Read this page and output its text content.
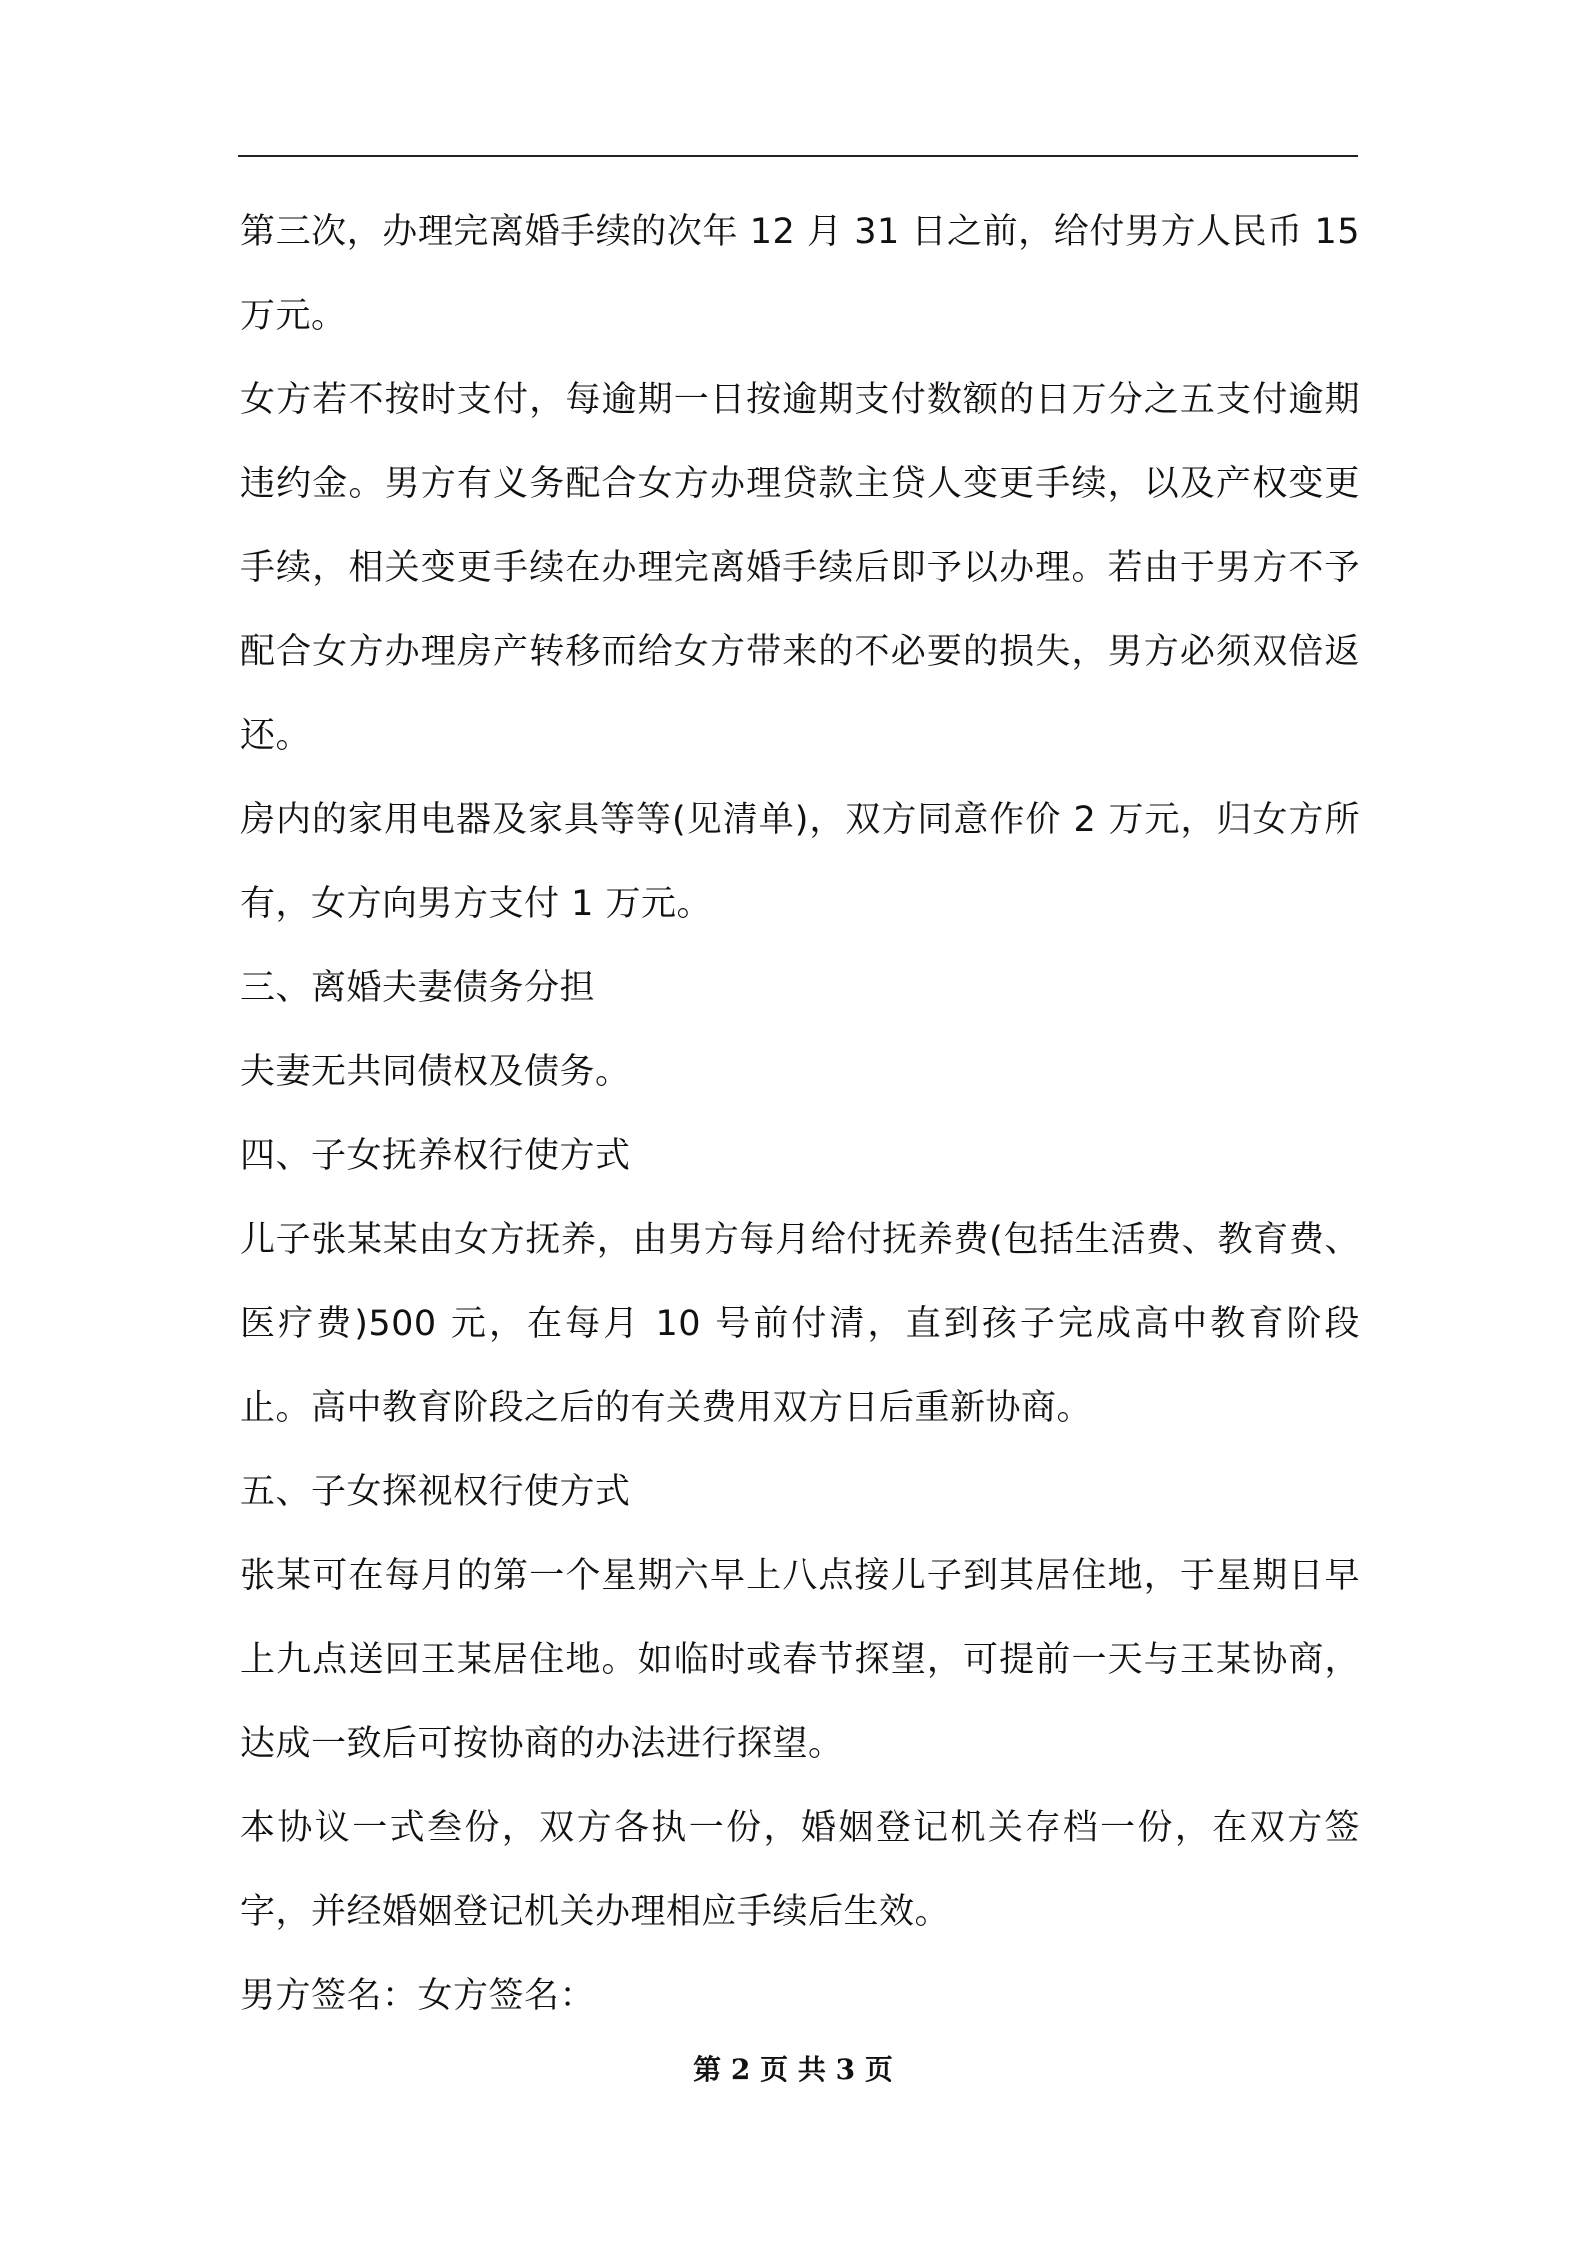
第三次，办理完离婚手续的次年 12 月 31 日之前，给付男方人民币 15 万元。

女方若不按时支付，每逾期一日按逾期支付数额的日万分之五支付逾期违约金。男方有义务配合女方办理贷款主贷人变更手续，以及产权变更手续，相关变更手续在办理完离婚手续后即予以办理。若由于男方不予配合女方办理房产转移而给女方带来的不必要的损失，男方必须双倍返还。

房内的家用电器及家具等等(见清单)，双方同意作价 2 万元，归女方所有，女方向男方支付 1 万元。

三、离婚夫妻债务分担

夫妻无共同债权及债务。

四、子女抚养权行使方式

儿子张某某由女方抚养，由男方每月给付抚养费(包括生活费、教育费、医疗费)500 元，在每月 10 号前付清，直到孩子完成高中教育阶段止。高中教育阶段之后的有关费用双方日后重新协商。

五、子女探视权行使方式

张某可在每月的第一个星期六早上八点接儿子到其居住地，于星期日早上九点送回王某居住地。如临时或春节探望，可提前一天与王某协商，达成一致后可按协商的办法进行探望。

本协议一式叁份，双方各执一份，婚姻登记机关存档一份，在双方签字，并经婚姻登记机关办理相应手续后生效。

男方签名：女方签名：

第 2 页 共 3 页
